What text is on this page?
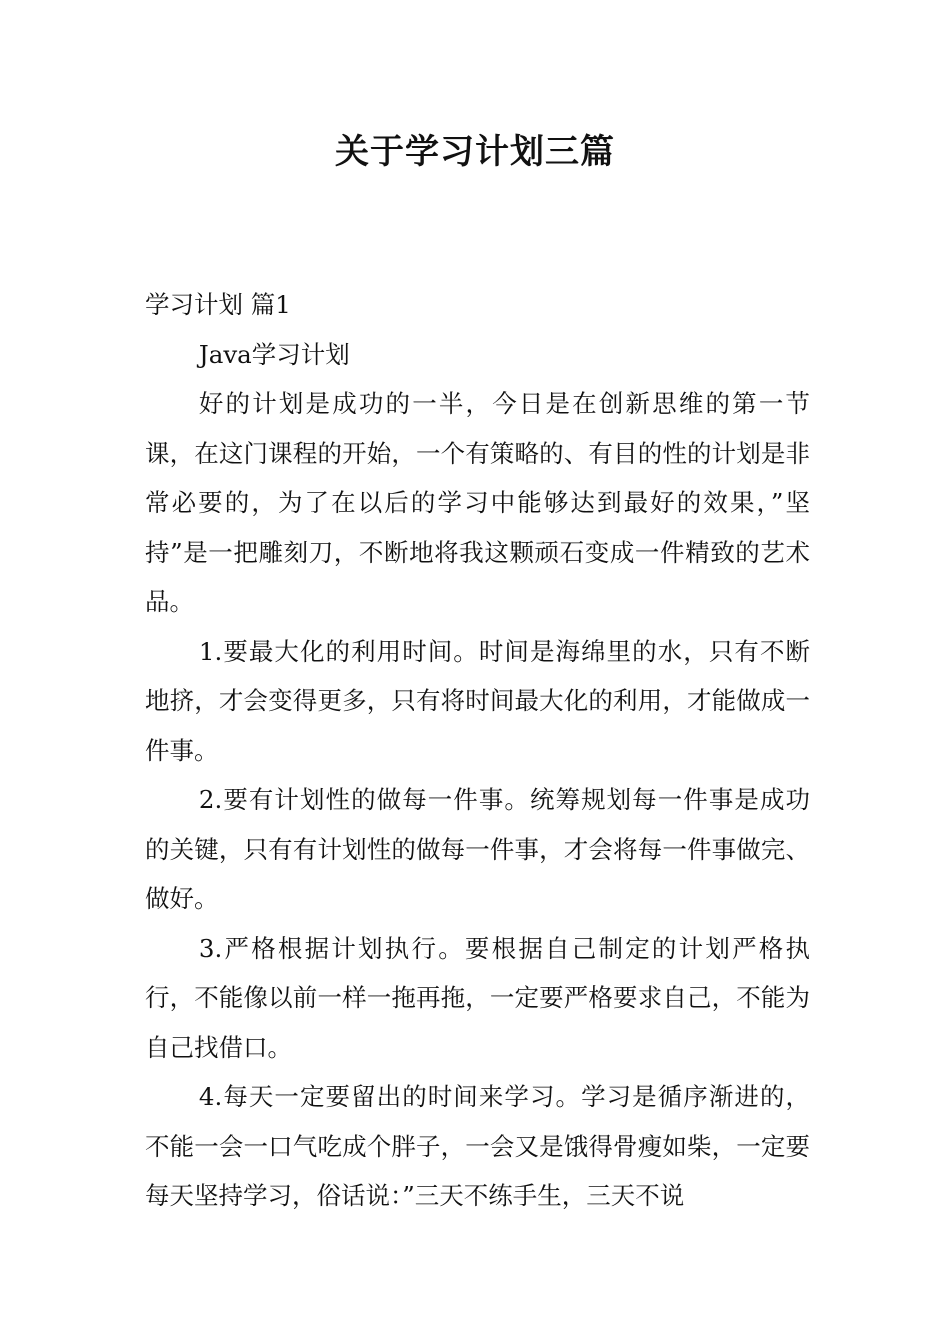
关于学习计划三篇

学习计划 篇1

Java学习计划

好的计划是成功的一半，今日是在创新思维的第一节课，在这门课程的开始，一个有策略的、有目的性的计划是非常必要的，为了在以后的学习中能够达到最好的效果，”坚持”是一把雕刻刀，不断地将我这颗顽石变成一件精致的艺术品。

1.要最大化的利用时间。时间是海绵里的水，只有不断地挤，才会变得更多，只有将时间最大化的利用，才能做成一件事。

2.要有计划性的做每一件事。统筹规划每一件事是成功的关键，只有有计划性的做每一件事，才会将每一件事做完、做好。

3.严格根据计划执行。要根据自己制定的计划严格执行，不能像以前一样一拖再拖，一定要严格要求自己，不能为自己找借口。

4.每天一定要留出的时间来学习。学习是循序渐进的，不能一会一口气吃成个胖子，一会又是饿得骨瘦如柴，一定要每天坚持学习，俗话说：”三天不练手生，三天不说
